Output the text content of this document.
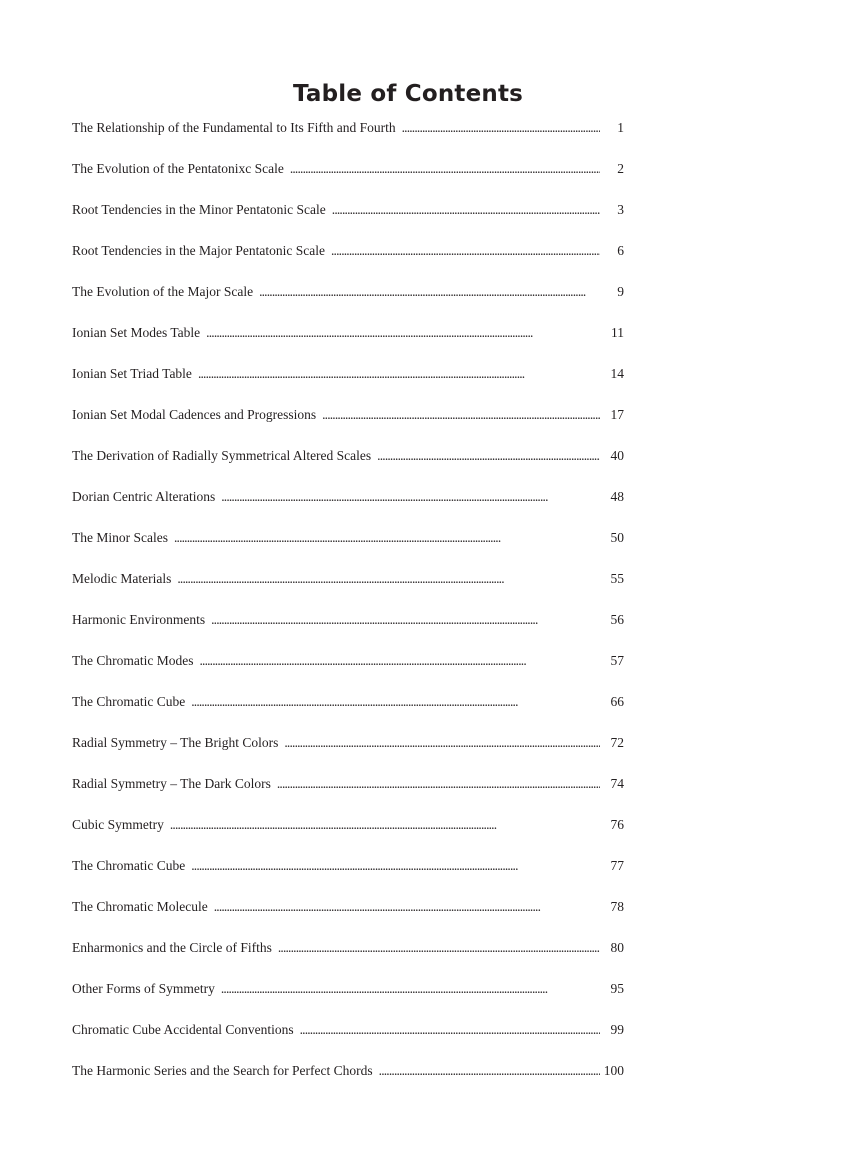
Table of Contents
The Relationship of the Fundamental to Its Fifth and Fourth . . .	1
The Evolution of the Pentatonixc Scale . . .	2
Root Tendencies in the Minor Pentatonic Scale . . .	3
Root Tendencies in the Major Pentatonic Scale . . .	6
The Evolution of the Major Scale . . .	9
Ionian Set Modes Table . . .	11
Ionian Set Triad Table . . .	14
Ionian Set Modal Cadences and Progressions . . .	17
The Derivation of Radially Symmetrical Altered Scales . . .	40
Dorian Centric Alterations . . .	48
The Minor Scales . . .	50
Melodic Materials . . .	55
Harmonic Environments . . .	56
The Chromatic Modes . . .	57
The Chromatic Cube . . .	66
Radial Symmetry – The Bright Colors . . .	72
Radial Symmetry – The Dark Colors . . .	74
Cubic Symmetry . . .	76
The Chromatic Cube . . .	77
The Chromatic Molecule . . .	78
Enharmonics and the Circle of Fifths . . .	80
Other Forms of Symmetry . . .	95
Chromatic Cube Accidental Conventions . . .	99
The Harmonic Series and the Search for Perfect Chords . . .	100
